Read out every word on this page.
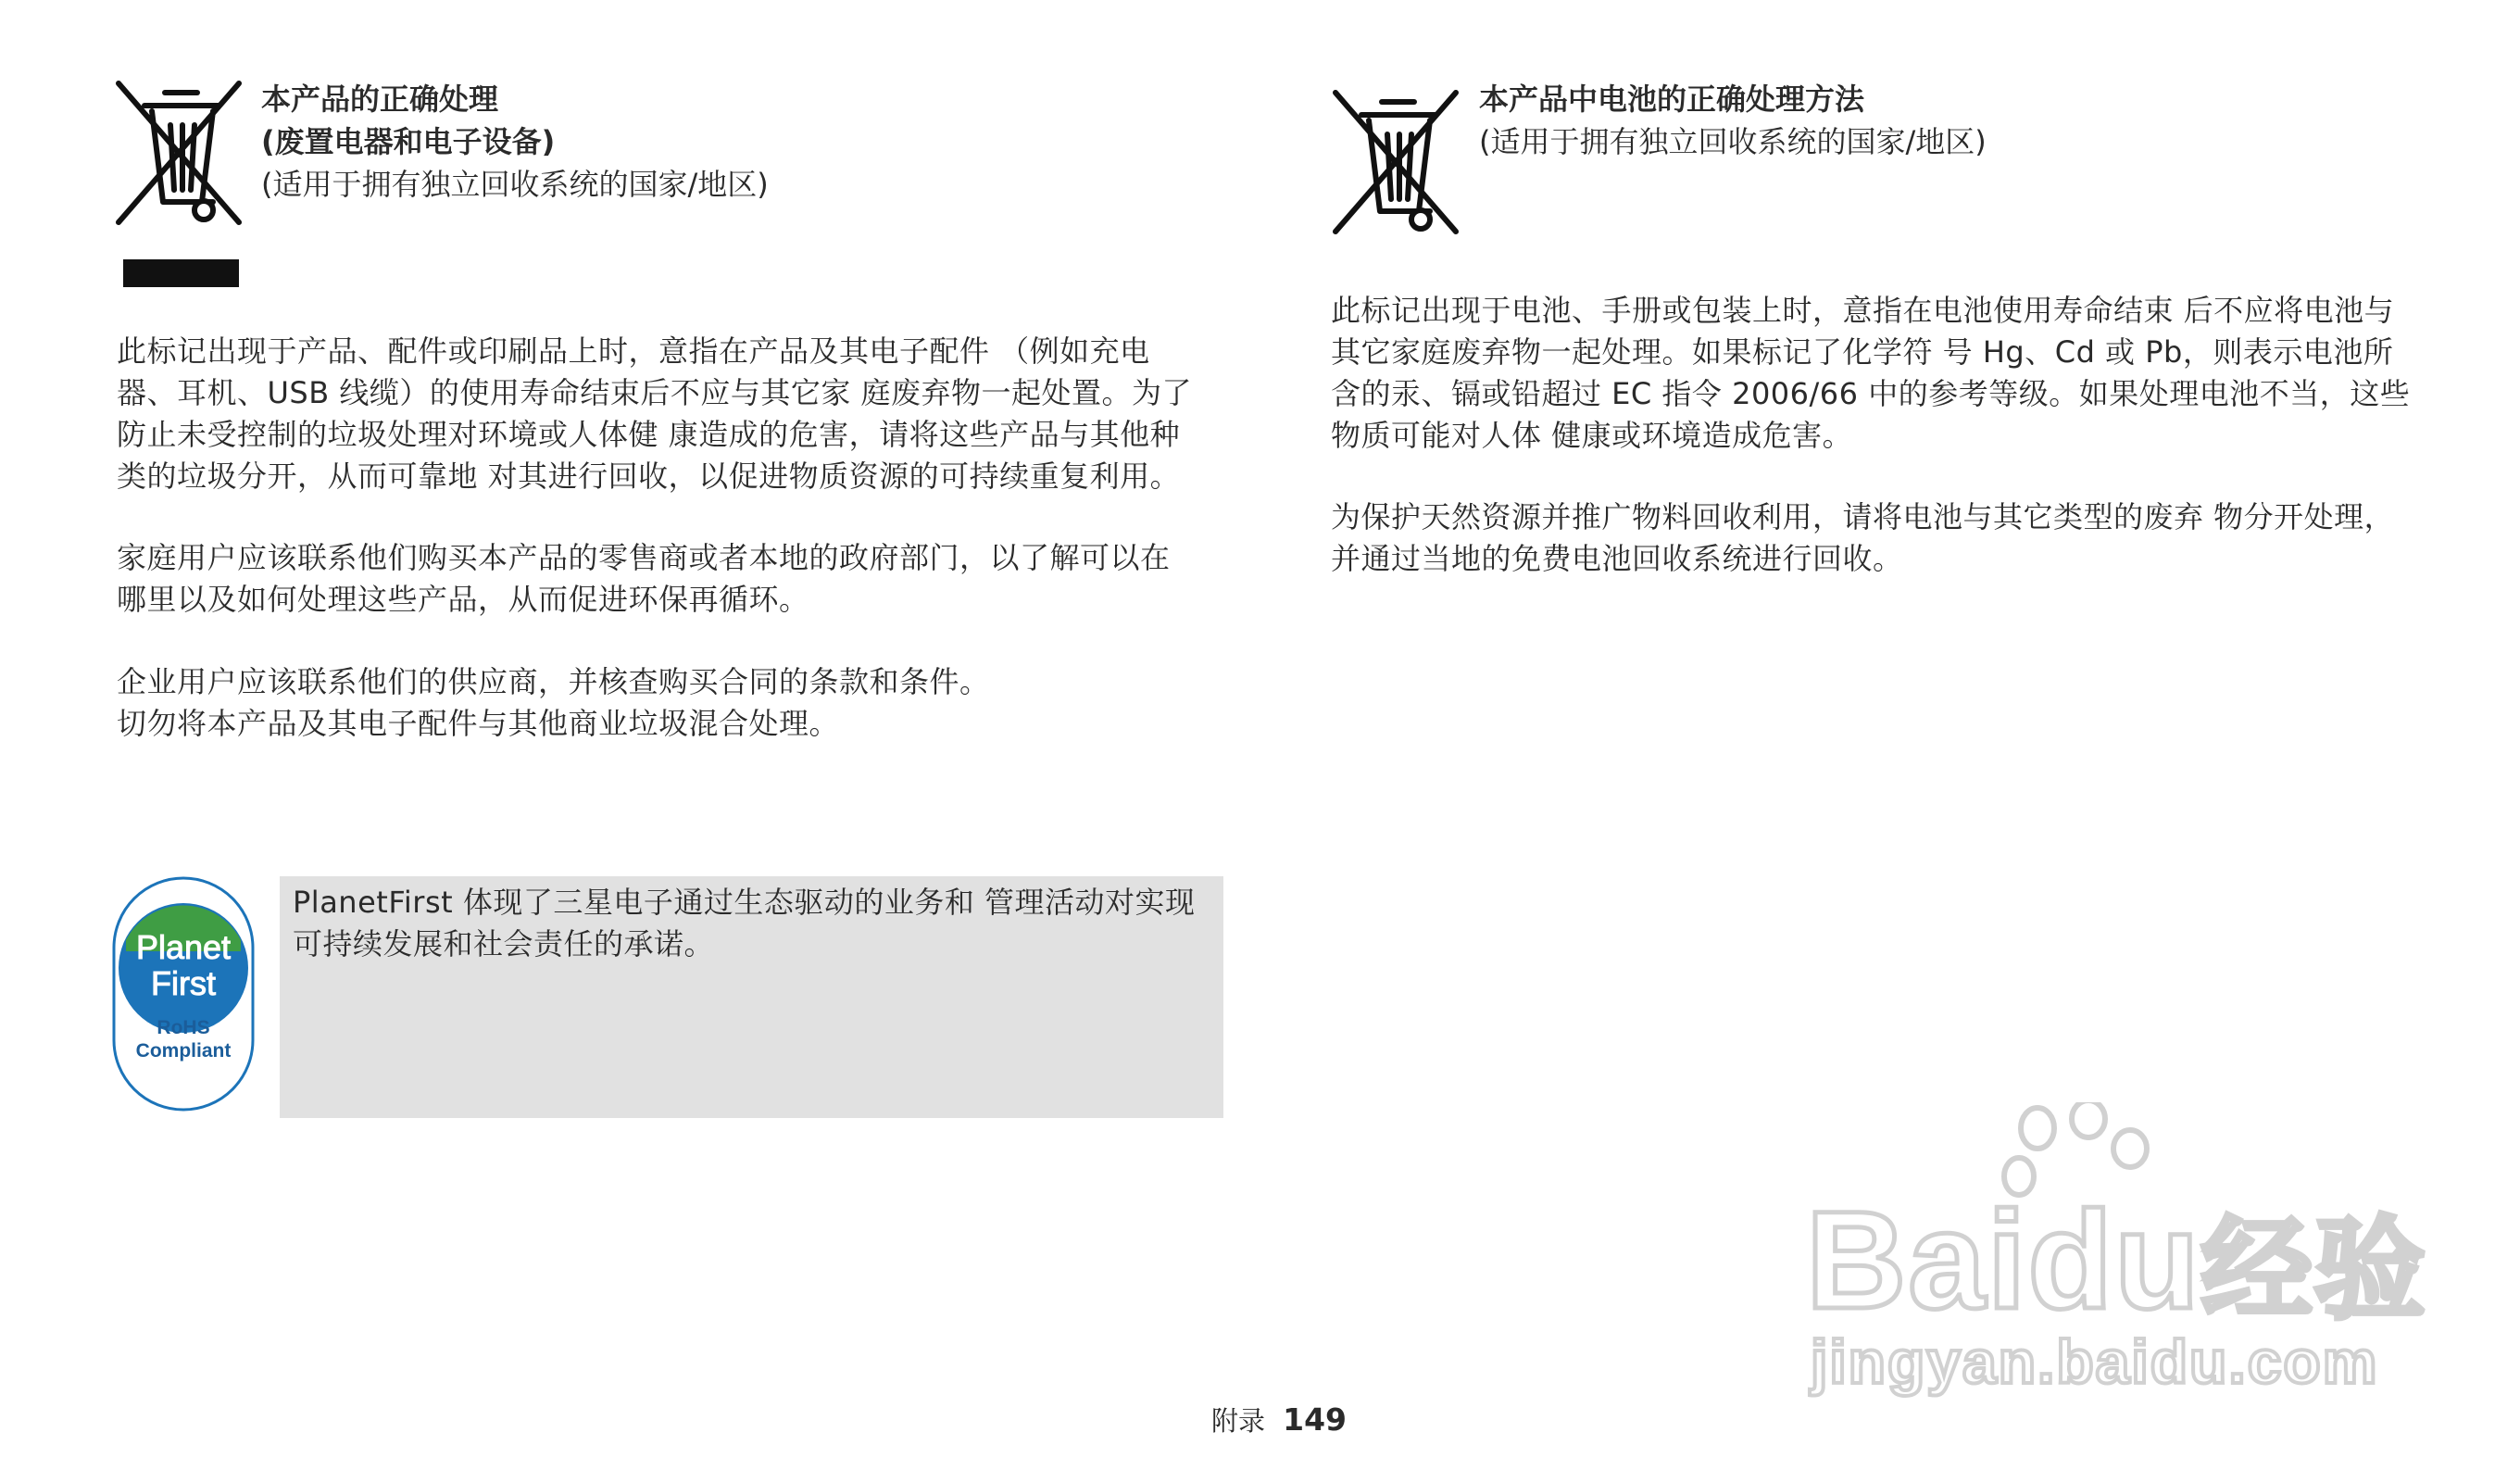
本产品的正确处理
(废置电器和电子设备)
(适用于拥有独立回收系统的国家/地区)
此标记出现于产品、配件或印刷品上时，意指在产品及其电子配件 （例如充电
器、耳机、USB 线缆）的使用寿命结束后不应与其它家 庭废弃物一起处置。为了
防止未受控制的垃圾处理对环境或人体健 康造成的危害，请将这些产品与其他种
类的垃圾分开，从而可靠地 对其进行回收，以促进物质资源的可持续重复利用。
家庭用户应该联系他们购买本产品的零售商或者本地的政府部门，以了解可以在
哪里以及如何处理这些产品，从而促进环保再循环。
企业用户应该联系他们的供应商，并核查购买合同的条款和条件。
切勿将本产品及其电子配件与其他商业垃圾混合处理。
Planet
First
RoHS
Compliant
PlanetFirst 体现了三星电子通过生态驱动的业务和 管理活动对实现
可持续发展和社会责任的承诺。
本产品中电池的正确处理方法
(适用于拥有独立回收系统的国家/地区)
此标记出现于电池、手册或包装上时，意指在电池使用寿命结束 后不应将电池与
其它家庭废弃物一起处理。如果标记了化学符 号 Hg、Cd 或 Pb，则表示电池所
含的汞、镉或铅超过 EC 指令 2006/66 中的参考等级。如果处理电池不当，这些
物质可能对人体 健康或环境造成危害。
为保护天然资源并推广物料回收利用，请将电池与其它类型的废弃 物分开处理，
并通过当地的免费电池回收系统进行回收。
Baidu经验
jingyan.baidu.com
附录 149
